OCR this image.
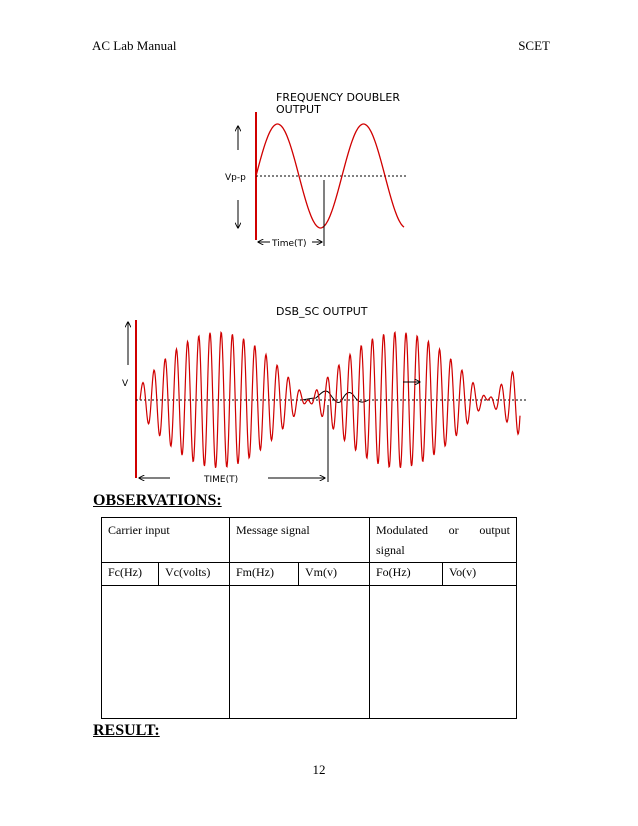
AC Lab Manual	SCET
FREQUENCY DOUBLER
OUTPUT
Vp-p
Time(T)
DSB_SC OUTPUT
V
TIME(T)
OBSERVATIONS:
Carrier input		Message signal		Modulated or output
signal	

Fc(Hz)	Vc(volts)	Fm(Hz)	Vm(v)	Fo(Hz)	Vo(v)

RESULT:
12
